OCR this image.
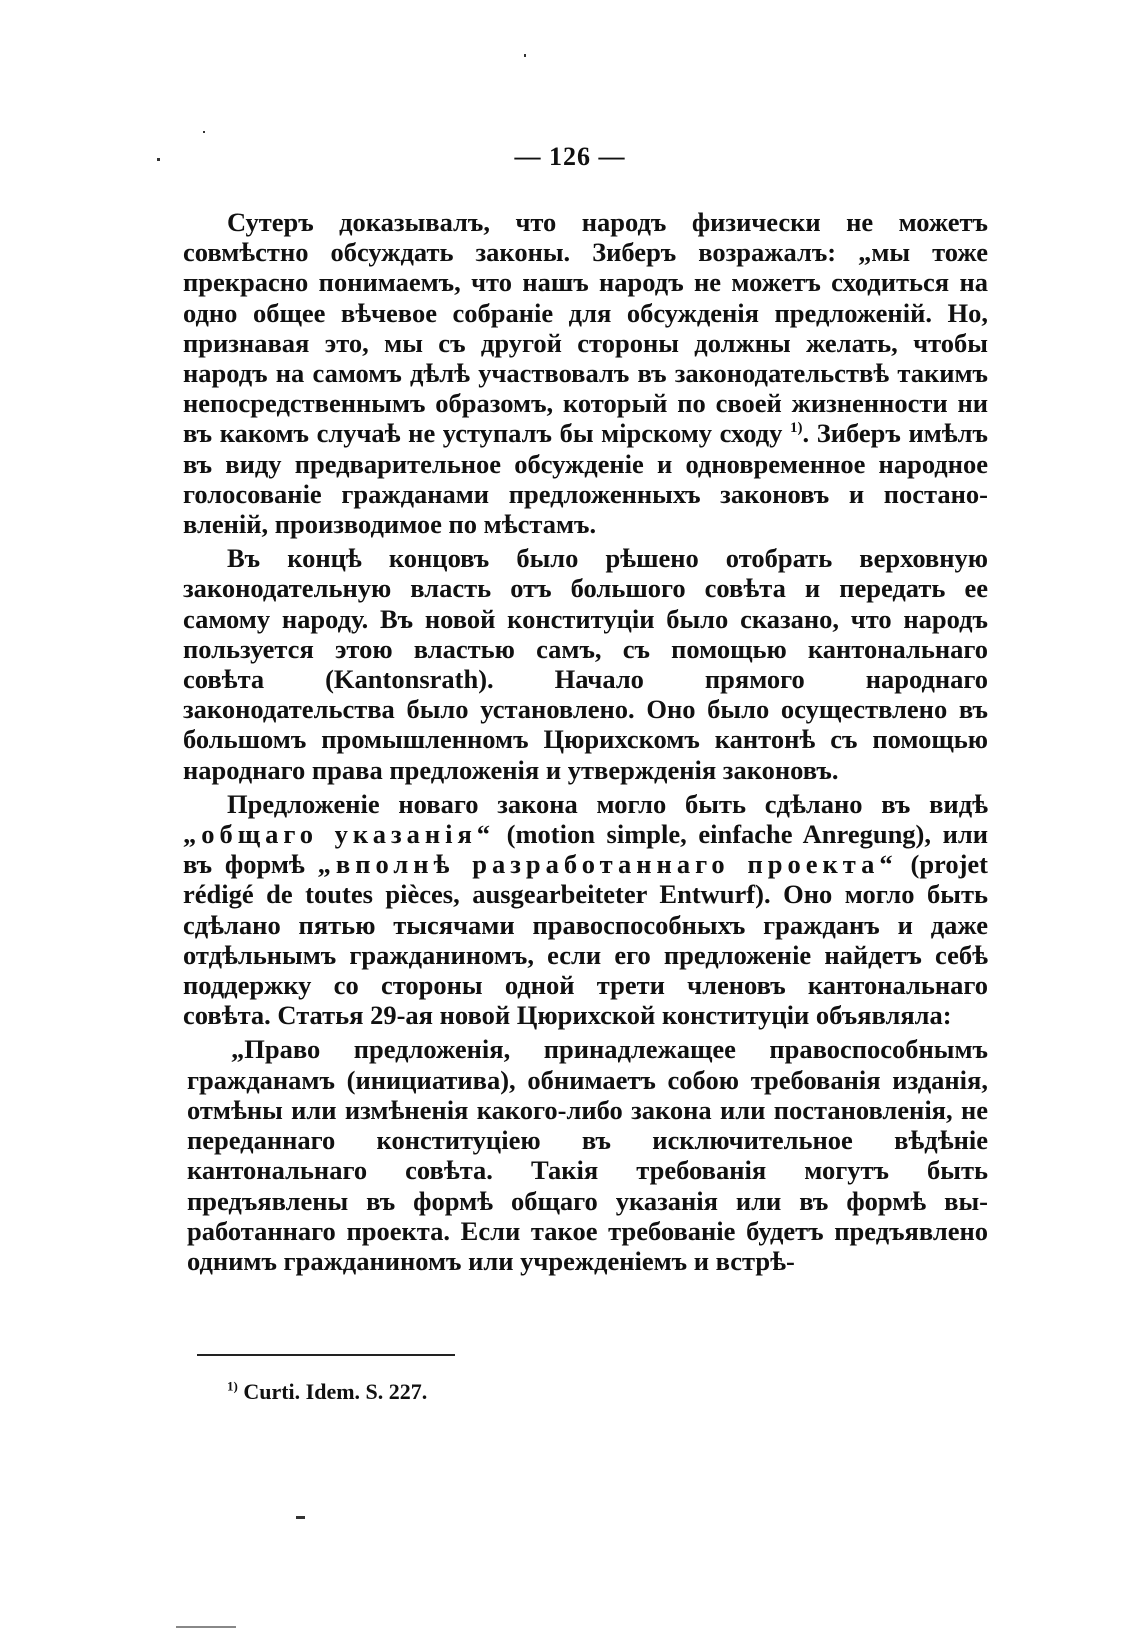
— 126 —

Сутеръ доказывалъ, что народъ физически не можетъ совмѣстно обсуждать законы. Зиберъ возражалъ: „мы тоже прекрасно понимаемъ, что нашъ народъ не можетъ сходиться на одно общее вѣчевое собраніе для обсужденія предложеній. Но, признавая это, мы съ другой стороны должны желать, чтобы народъ на самомъ дѣлѣ участвовалъ въ законодательствѣ такимъ непосредственнымъ образомъ, который по своей жизненности ни въ какомъ случаѣ не уступалъ бы мірскому сходу $^{1)}$. Зиберъ имѣлъ въ виду предварительное обсужденіе и одновременное народное голосованіе гражданами предложенныхъ законовъ и постановленій, производимое по мѣстамъ.

Въ концѣ концовъ было рѣшено отобрать верховную законодательную власть отъ большого совѣта и передать ее самому народу. Въ новой конституціи было сказано, что народъ пользуется этою властью самъ, съ помощью кантональнаго совѣта (Kantonsrath). Начало прямого народнаго законодательства было установлено. Оно было осуществлено въ большомъ промышленномъ Цюрихскомъ кантонѣ съ помощью народнаго права предложенія и утвержденія законовъ.

Предложеніе новаго закона могло быть сдѣлано въ видѣ „общаго указанія“ (motion simple, einfache Anregung), или въ формѣ „вполнѣ разработаннаго проекта“ (projet rédigé de toutes pièces, ausgearbeiteter Entwurf). Оно могло быть сдѣлано пятью тысячами правоспособныхъ гражданъ и даже отдѣльнымъ гражданиномъ, если его предложеніе найдетъ себѣ поддержку со стороны одной трети членовъ кантональнаго совѣта. Статья 29-ая новой Цюрихской конституціи объявляла:

„Право предложенія, принадлежащее правоспособнымъ гражданамъ (инициатива), обнимаетъ собою требованія изданія, отмѣны или измѣненія какого-либо закона или постановленія, не переданнаго конституціею въ исключительное вѣдѣніе кантональнаго совѣта. Такія требованія могутъ быть предъявлены въ формѣ общаго указанія или въ формѣ выработаннаго проекта. Если такое требованіе будетъ предъявлено однимъ гражданиномъ или учрежденіемъ и встрѣ-

$^{1)}$ Curti. Idem. S. 227.
